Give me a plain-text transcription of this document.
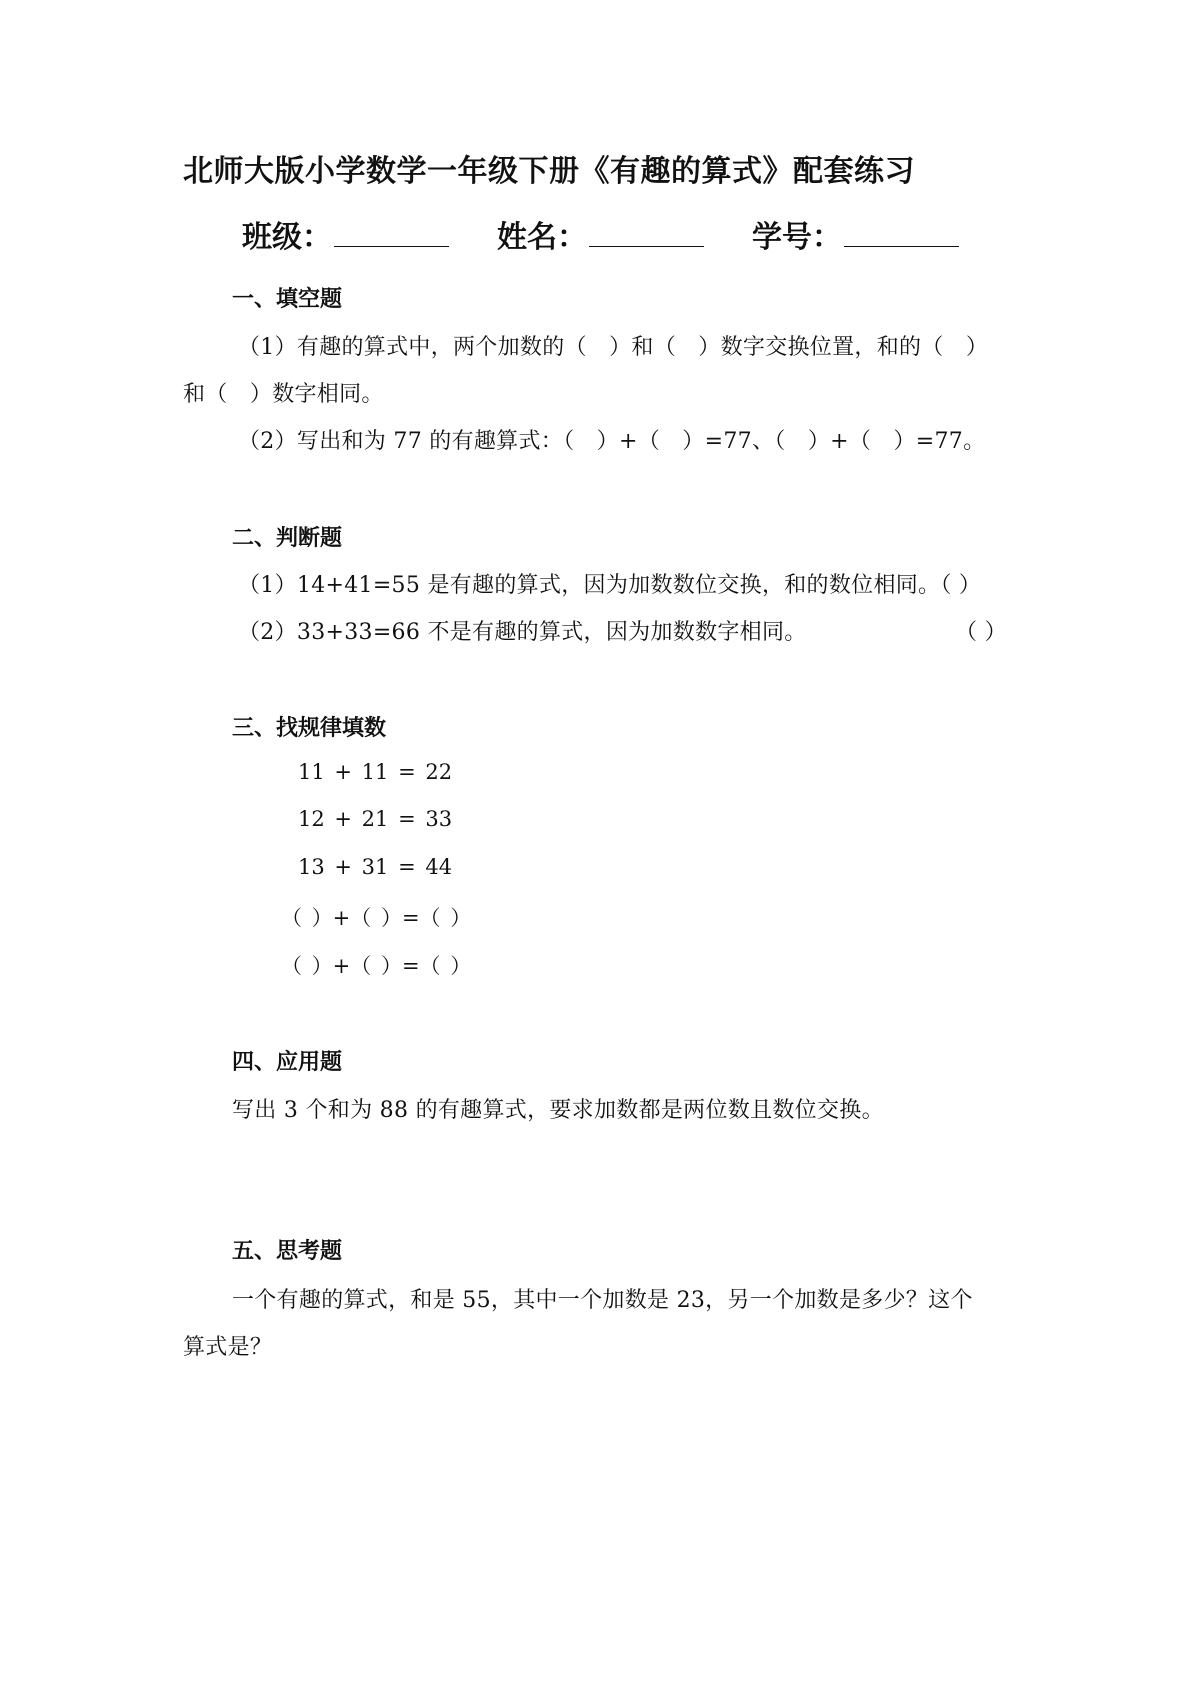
北师大版小学数学一年级下册《有趣的算式》配套练习
班级：	姓名：	学号：
一、填空题
（1）有趣的算式中，两个加数的（　）和（　）数字交换位置，和的（　）
和（　）数字相同。
（2）写出和为 77 的有趣算式：（　）+（　）=77、（　）+（　）=77。
二、判断题
（1）14+41=55 是有趣的算式，因为加数数位交换，和的数位相同。（ ）
（2）33+33=66 不是有趣的算式，因为加数数字相同。	（ ）
三、找规律填数
11 + 11 = 22
12 + 21 = 33
13 + 31 = 44
（ ）+（ ）=（ ）
（ ）+（ ）=（ ）
四、应用题
写出 3 个和为 88 的有趣算式，要求加数都是两位数且数位交换。
五、思考题
一个有趣的算式，和是 55，其中一个加数是 23，另一个加数是多少？这个
算式是？
